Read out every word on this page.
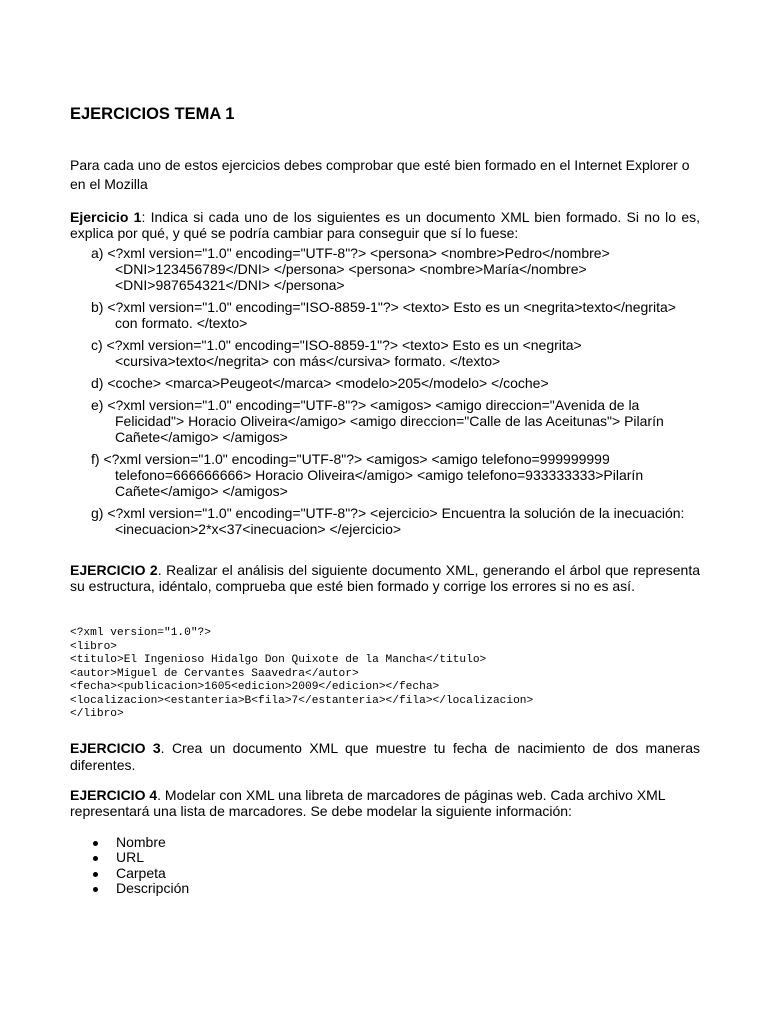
EJERCICIOS TEMA 1

Para cada uno de estos ejercicios debes comprobar que esté bien formado en el Internet Explorer o en el Mozilla

Ejercicio 1: Indica si cada uno de los siguientes es un documento XML bien formado. Si no lo es, explica por qué, y qué se podría cambiar para conseguir que sí lo fuese:
a) <?xml version="1.0" encoding="UTF-8"?> <persona> <nombre>Pedro</nombre> <DNI>123456789</DNI> </persona> <persona> <nombre>María</nombre> <DNI>987654321</DNI> </persona>
b) <?xml version="1.0" encoding="ISO-8859-1"?> <texto> Esto es un <negrita>texto</negrita> con formato. </texto>
c) <?xml version="1.0" encoding="ISO-8859-1"?> <texto> Esto es un <negrita><cursiva>texto</negrita> con más</cursiva> formato. </texto>
d) <coche> <marca>Peugeot</marca> <modelo>205</modelo> </coche>
e) <?xml version="1.0" encoding="UTF-8"?> <amigos> <amigo direccion="Avenida de la Felicidad"> Horacio Oliveira</amigo> <amigo direccion="Calle de las Aceitunas"> Pilarín Cañete</amigo> </amigos>
f) <?xml version="1.0" encoding="UTF-8"?> <amigos> <amigo telefono=999999999 telefono=666666666> Horacio Oliveira</amigo> <amigo telefono=933333333>Pilarín Cañete</amigo> </amigos>
g) <?xml version="1.0" encoding="UTF-8"?> <ejercicio> Encuentra la solución de la inecuación: <inecuacion>2*x<37<inecuacion> </ejercicio>
EJERCICIO 2. Realizar el análisis del siguiente documento XML, generando el árbol que representa su estructura, idéntalo, comprueba que esté bien formado y corrige los errores si no es así.
<?xml version="1.0"?>
<libro>
<titulo>El Ingenioso Hidalgo Don Quixote de la Mancha</titulo>
<autor>Miguel de Cervantes Saavedra</autor>
<fecha><publicacion>1605<edicion>2009</edicion></fecha>
<localizacion><estanteria>B<fila>7</estanteria></fila></localizacion>
</libro>
EJERCICIO 3. Crea un documento XML que muestre tu fecha de nacimiento de dos maneras diferentes.
EJERCICIO 4. Modelar con XML una libreta de marcadores de páginas web. Cada archivo XML representará una lista de marcadores. Se debe modelar la siguiente información:
Nombre
URL
Carpeta
Descripción
